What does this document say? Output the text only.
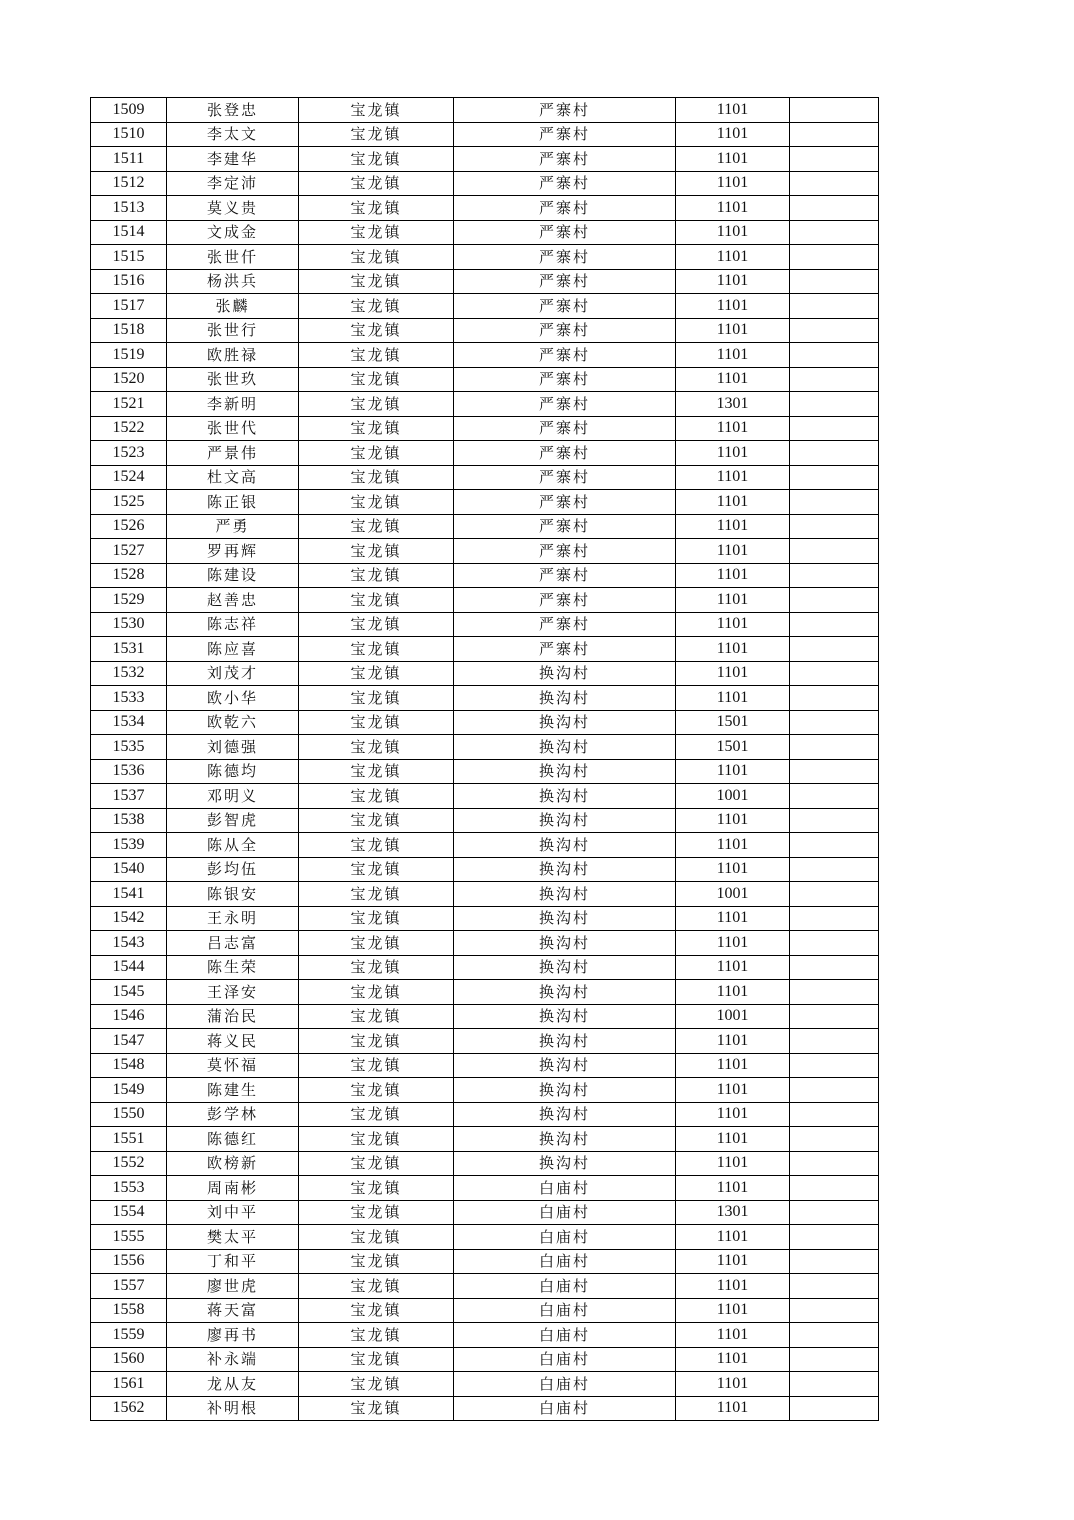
1509	张登忠	宝龙镇	严寨村	1101	
1510	李太文	宝龙镇	严寨村	1101	
1511	李建华	宝龙镇	严寨村	1101	
1512	李定沛	宝龙镇	严寨村	1101	
1513	莫义贵	宝龙镇	严寨村	1101	
1514	文成金	宝龙镇	严寨村	1101	
1515	张世仟	宝龙镇	严寨村	1101	
1516	杨洪兵	宝龙镇	严寨村	1101	
1517	张麟	宝龙镇	严寨村	1101	
1518	张世行	宝龙镇	严寨村	1101	
1519	欧胜禄	宝龙镇	严寨村	1101	
1520	张世玖	宝龙镇	严寨村	1101	
1521	李新明	宝龙镇	严寨村	1301	
1522	张世代	宝龙镇	严寨村	1101	
1523	严景伟	宝龙镇	严寨村	1101	
1524	杜文高	宝龙镇	严寨村	1101	
1525	陈正银	宝龙镇	严寨村	1101	
1526	严勇	宝龙镇	严寨村	1101	
1527	罗再辉	宝龙镇	严寨村	1101	
1528	陈建设	宝龙镇	严寨村	1101	
1529	赵善忠	宝龙镇	严寨村	1101	
1530	陈志祥	宝龙镇	严寨村	1101	
1531	陈应喜	宝龙镇	严寨村	1101	
1532	刘茂才	宝龙镇	换沟村	1101	
1533	欧小华	宝龙镇	换沟村	1101	
1534	欧乾六	宝龙镇	换沟村	1501	
1535	刘德强	宝龙镇	换沟村	1501	
1536	陈德均	宝龙镇	换沟村	1101	
1537	邓明义	宝龙镇	换沟村	1001	
1538	彭智虎	宝龙镇	换沟村	1101	
1539	陈从全	宝龙镇	换沟村	1101	
1540	彭均伍	宝龙镇	换沟村	1101	
1541	陈银安	宝龙镇	换沟村	1001	
1542	王永明	宝龙镇	换沟村	1101	
1543	吕志富	宝龙镇	换沟村	1101	
1544	陈生荣	宝龙镇	换沟村	1101	
1545	王泽安	宝龙镇	换沟村	1101	
1546	蒲治民	宝龙镇	换沟村	1001	
1547	蒋义民	宝龙镇	换沟村	1101	
1548	莫怀福	宝龙镇	换沟村	1101	
1549	陈建生	宝龙镇	换沟村	1101	
1550	彭学林	宝龙镇	换沟村	1101	
1551	陈德红	宝龙镇	换沟村	1101	
1552	欧榜新	宝龙镇	换沟村	1101	
1553	周南彬	宝龙镇	白庙村	1101	
1554	刘中平	宝龙镇	白庙村	1301	
1555	樊太平	宝龙镇	白庙村	1101	
1556	丁和平	宝龙镇	白庙村	1101	
1557	廖世虎	宝龙镇	白庙村	1101	
1558	蒋天富	宝龙镇	白庙村	1101	
1559	廖再书	宝龙镇	白庙村	1101	
1560	补永端	宝龙镇	白庙村	1101	
1561	龙从友	宝龙镇	白庙村	1101	
1562	补明根	宝龙镇	白庙村	1101	
